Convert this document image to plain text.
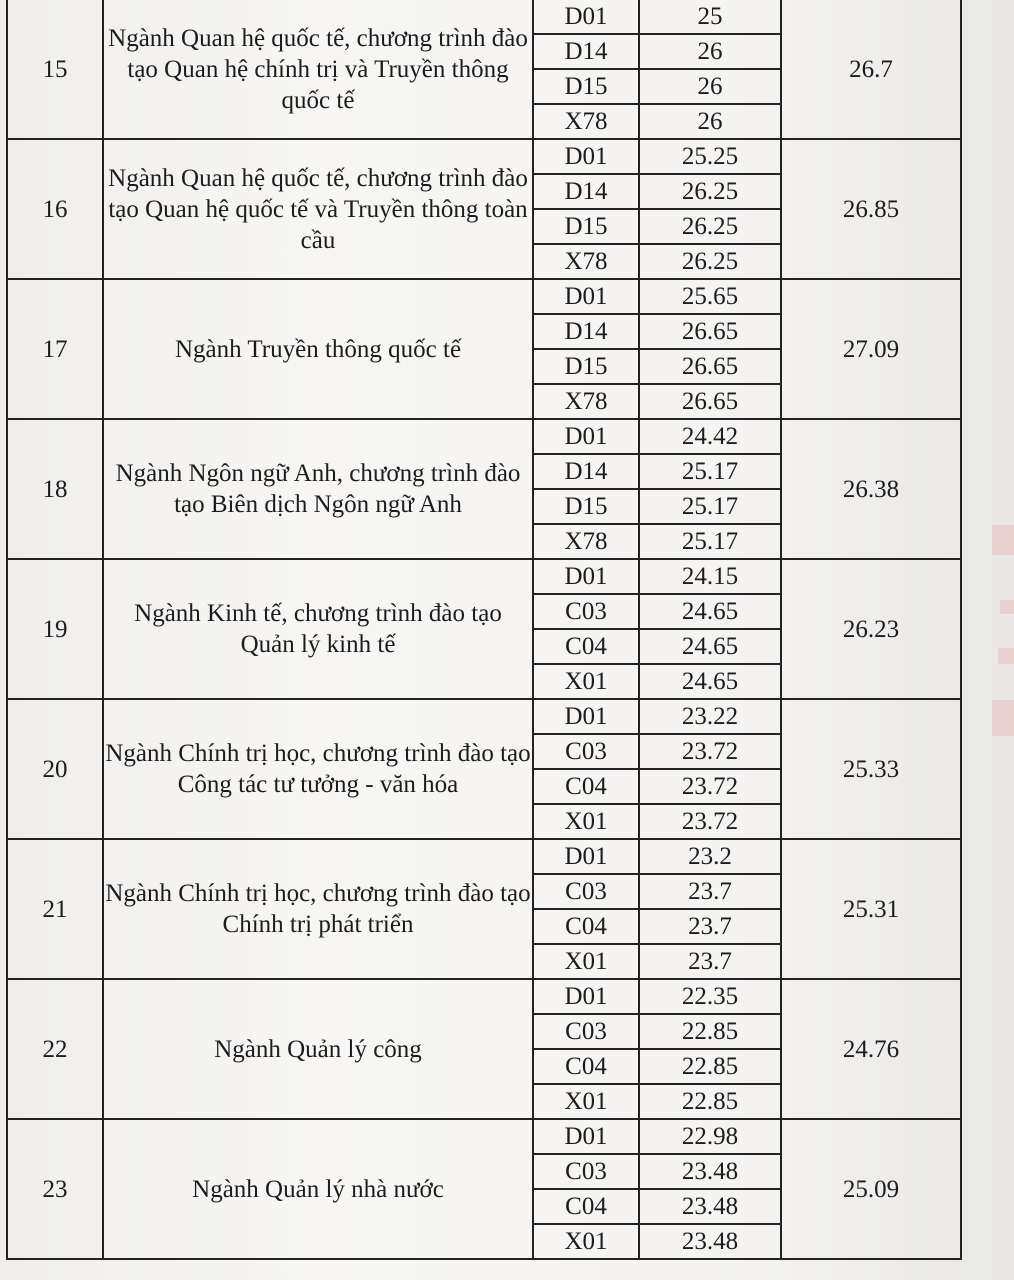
15	Ngành Quan hệ quốc tế, chương trình đào tạo Quan hệ chính trị và Truyền thông quốc tế	D01	25	26.7
		D14	26	
		D15	26	
		X78	26	
16	Ngành Quan hệ quốc tế, chương trình đào tạo Quan hệ quốc tế và Truyền thông toàn cầu	D01	25.25	26.85
		D14	26.25	
		D15	26.25	
		X78	26.25	
17	Ngành Truyền thông quốc tế	D01	25.65	27.09
		D14	26.65	
		D15	26.65	
		X78	26.65	
18	Ngành Ngôn ngữ Anh, chương trình đào tạo Biên dịch Ngôn ngữ Anh	D01	24.42	26.38
		D14	25.17	
		D15	25.17	
		X78	25.17	
19	Ngành Kinh tế, chương trình đào tạo Quản lý kinh tế	D01	24.15	26.23
		C03	24.65	
		C04	24.65	
		X01	24.65	
20	Ngành Chính trị học, chương trình đào tạo Công tác tư tưởng - văn hóa	D01	23.22	25.33
		C03	23.72	
		C04	23.72	
		X01	23.72	
21	Ngành Chính trị học, chương trình đào tạo Chính trị phát triển	D01	23.2	25.31
		C03	23.7	
		C04	23.7	
		X01	23.7	
22	Ngành Quản lý công	D01	22.35	24.76
		C03	22.85	
		C04	22.85	
		X01	22.85	
23	Ngành Quản lý nhà nước	D01	22.98	25.09
		C03	23.48	
		C04	23.48	
		X01	23.48	
